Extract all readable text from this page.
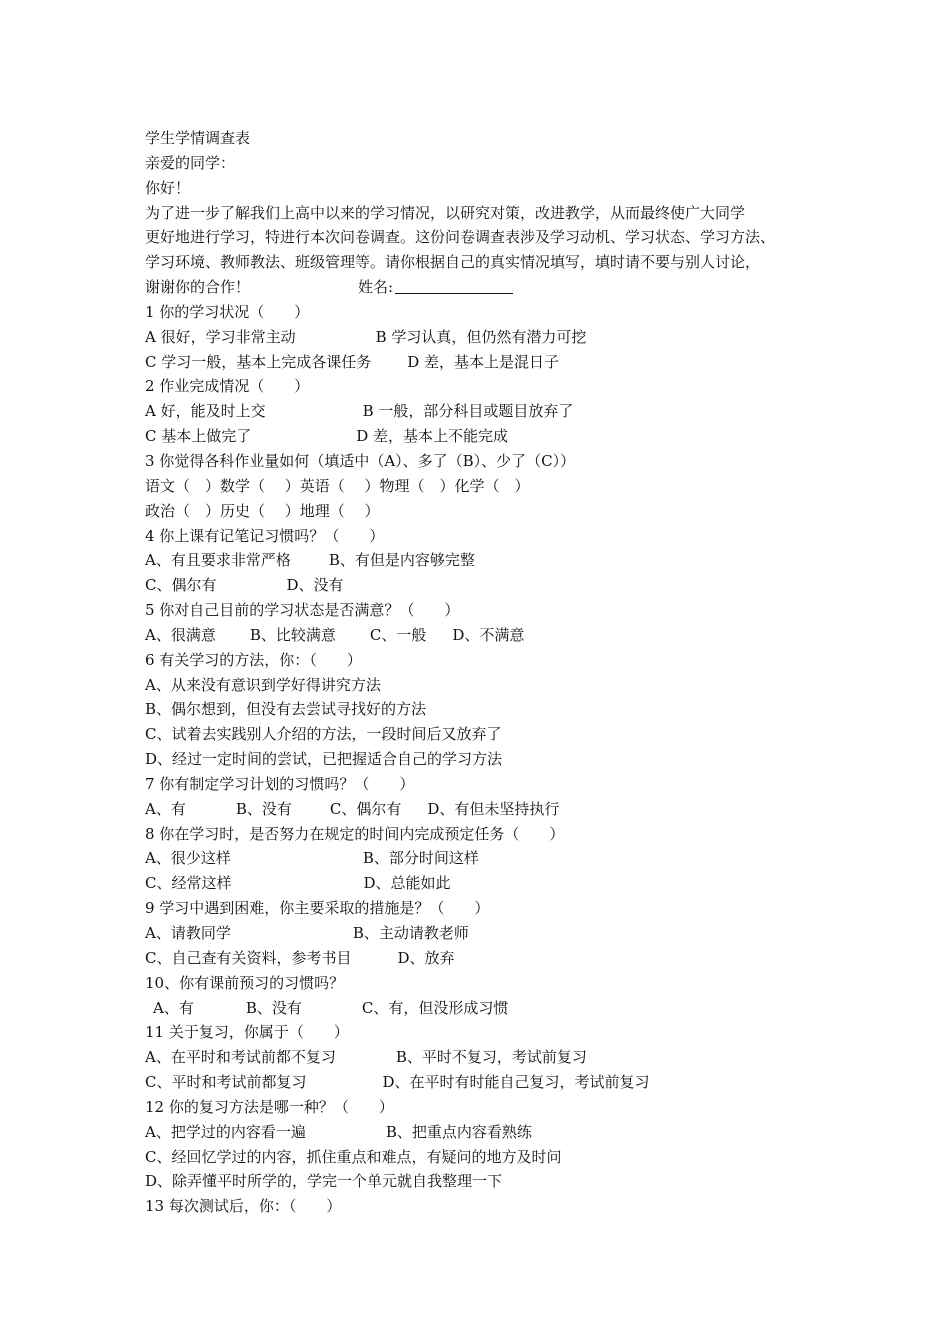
学生学情调查表
亲爱的同学：
你好！
为了进一步了解我们上高中以来的学习情况，以研究对策，改进教学，从而最终使广大同学
更好地进行学习，特进行本次问卷调查。这份问卷调查表涉及学习动机、学习状态、学习方法、
学习环境、教师教法、班级管理等。请你根据自己的真实情况填写，填时请不要与别人讨论，
谢谢你的合作！	姓名:
1 你的学习状况（　　）
A 很好，学习非常主动	B 学习认真，但仍然有潜力可挖
C 学习一般，基本上完成各课任务 D 差，基本上是混日子
2 作业完成情况（　　）
A 好，能及时上交	B 一般，部分科目或题目放弃了
C 基本上做完了	D 差，基本上不能完成
3 你觉得各科作业量如何（填适中（A）、多了（B）、少了（C））
语文（　）数学（　 ）英语（　 ）物理（　）化学（　）
政治（　）历史（　 ）地理（　 ）
4 你上课有记笔记习惯吗？（　　）
A、有且要求非常严格	B、有但是内容够完整
C、偶尔有	D、没有
5 你对自己目前的学习状态是否满意？（　　）
A、很满意 B、比较满意 C、一般 D、不满意
6 有关学习的方法，你：（　　）
A、从来没有意识到学好得讲究方法
B、偶尔想到，但没有去尝试寻找好的方法
C、试着去实践别人介绍的方法，一段时间后又放弃了
D、经过一定时间的尝试，已把握适合自己的学习方法
7 你有制定学习计划的习惯吗？（　　）
A、有	B、没有	C、偶尔有 D、有但未坚持执行
8 你在学习时，是否努力在规定的时间内完成预定任务（　　）
A、很少这样	B、部分时间这样
C、经常这样	D、总能如此
9 学习中遇到困难，你主要采取的措施是？（　　）
A、请教同学	B、主动请教老师
C、自己查有关资料，参考书目	D、放弃
10、你有课前预习的习惯吗？
A、有	B、没有	C、有，但没形成习惯
11 关于复习，你属于（　　）
A、在平时和考试前都不复习	B、平时不复习，考试前复习
C、平时和考试前都复习	D、在平时有时能自己复习，考试前复习
12 你的复习方法是哪一种？（　　）
A、把学过的内容看一遍	B、把重点内容看熟练
C、经回忆学过的内容，抓住重点和难点，有疑问的地方及时问
D、除弄懂平时所学的，学完一个单元就自我整理一下
13 每次测试后，你：（　　）
